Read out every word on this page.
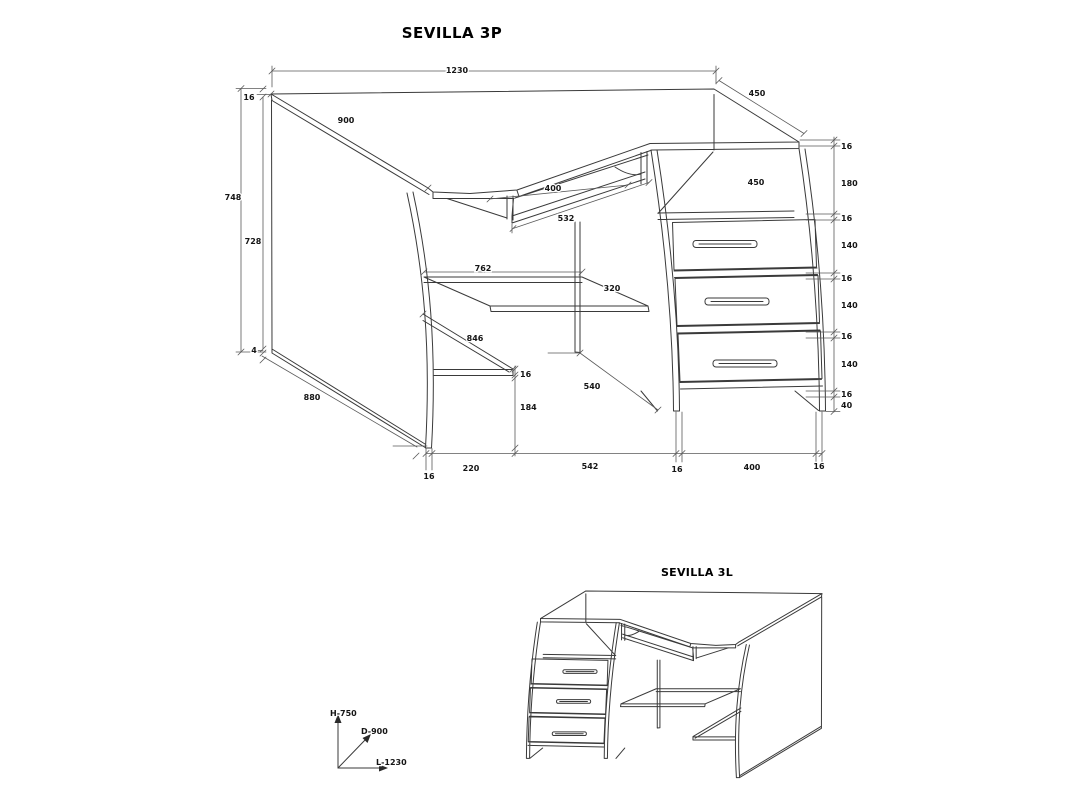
SEVILLA 3P
1230
450
900
16
748
728
4
880
400
532
762
320
450
846
16
184
540
16
180
16
140
16
140
16
140
16
40
16
220	542	16	400	16
SEVILLA 3L
H-750
D-900
L-1230
